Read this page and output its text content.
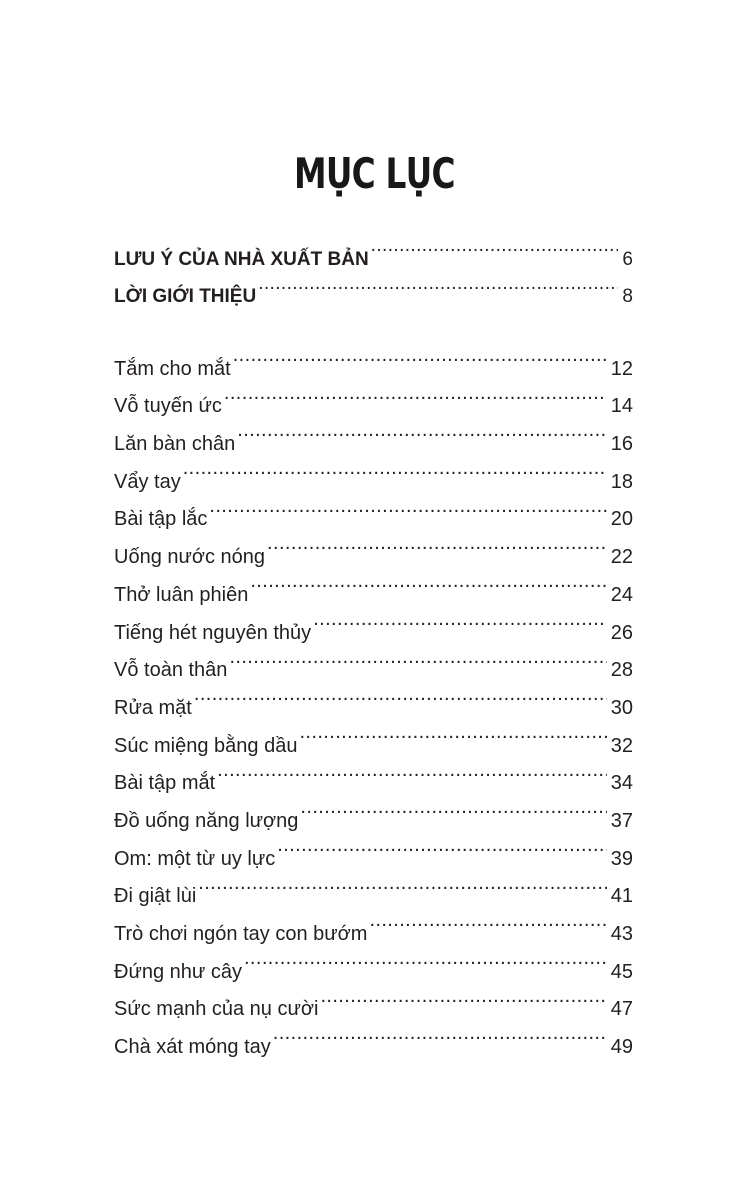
MỤC LỤC
LƯU Ý CỦA NHÀ XUẤT BẢN .....	6
LỜI GIỚI THIỆU .....	8
Tắm cho mắt .....	12
Vỗ tuyến ức .....	14
Lăn bàn chân .....	16
Vẩy tay .....	18
Bài tập lắc .....	20
Uống nước nóng .....	22
Thở luân phiên .....	24
Tiếng hét nguyên thủy .....	26
Vỗ toàn thân .....	28
Rửa mặt .....	30
Súc miệng bằng dầu .....	32
Bài tập mắt .....	34
Đồ uống năng lượng .....	37
Om: một từ uy lực .....	39
Đi giật lùi .....	41
Trò chơi ngón tay con bướm .....	43
Đứng như cây .....	45
Sức mạnh của nụ cười .....	47
Chà xát móng tay .....	49
